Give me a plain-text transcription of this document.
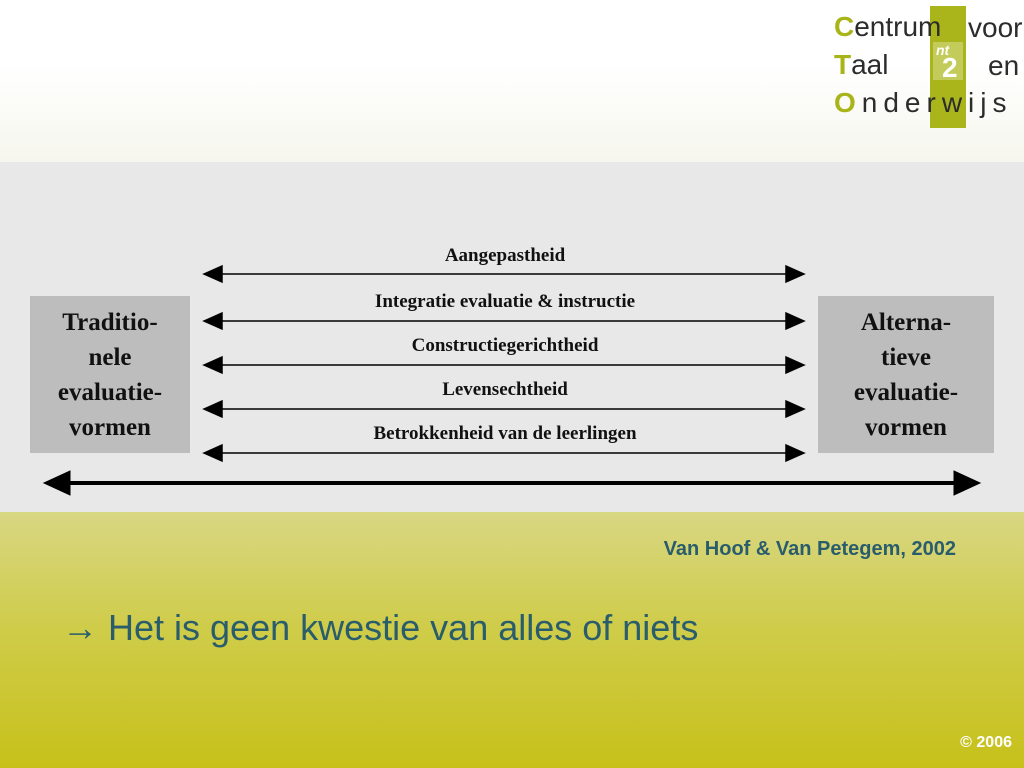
nt
2
Centrum voor
Taal	en
Onderwijs
Traditio-
nele
evaluatie-
vormen
Alterna-
tieve
evaluatie-
vormen
Aangepastheid
Integratie evaluatie & instructie
Constructiegerichtheid
Levensechtheid
Betrokkenheid van de leerlingen
Van Hoof & Van Petegem, 2002
→ Het is geen kwestie van alles of niets
© 2006
